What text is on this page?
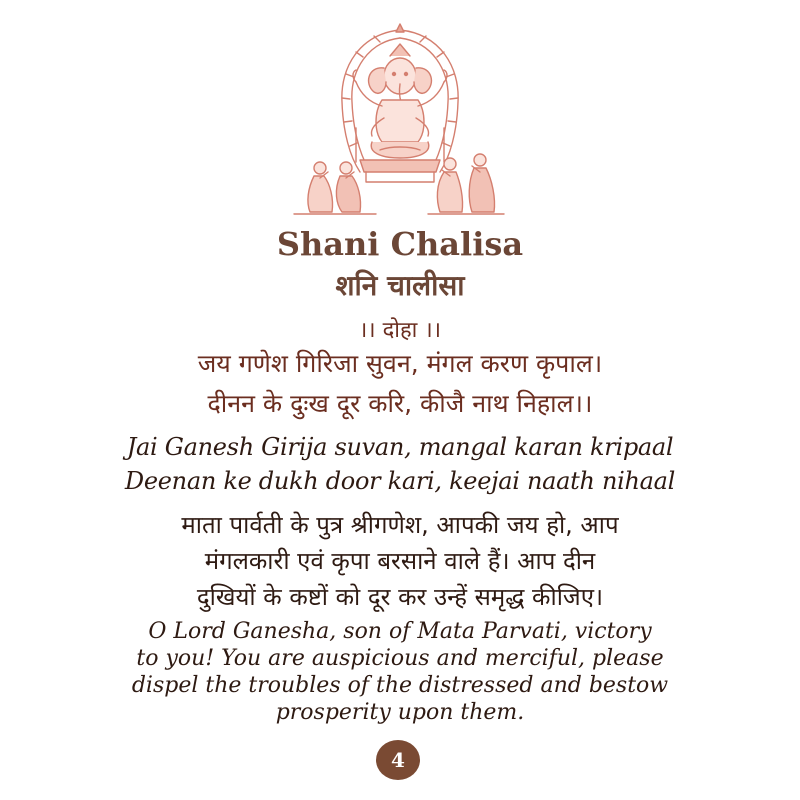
Shani Chalisa
शनि चालीसा
।। दोहा ।।
जय गणेश गिरिजा सुवन, मंगल करण कृपाल।
दीनन के दुःख दूर करि, कीजै नाथ निहाल।।
Jai Ganesh Girija suvan, mangal karan kripaal
Deenan ke dukh door kari, keejai naath nihaal
माता पार्वती के पुत्र श्रीगणेश, आपकी जय हो, आप
मंगलकारी एवं कृपा बरसाने वाले हैं। आप दीन
दुखियों के कष्टों को दूर कर उन्हें समृद्ध कीजिए।
O Lord Ganesha, son of Mata Parvati, victory
to you! You are auspicious and merciful, please
dispel the troubles of the distressed and bestow
prosperity upon them.
4
